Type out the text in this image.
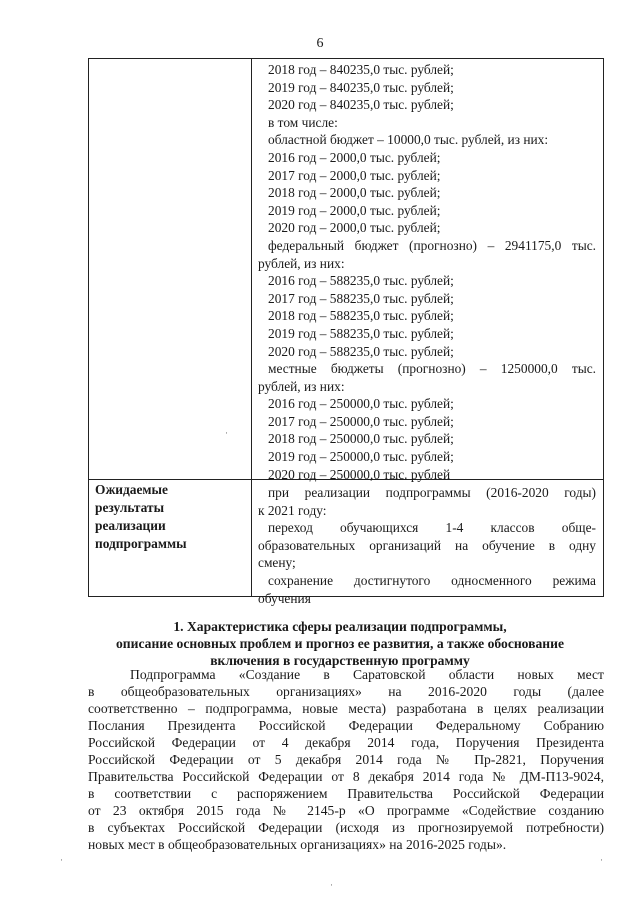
6
2018 год – 840235,0 тыс. рублей;
2019 год – 840235,0 тыс. рублей;
2020 год – 840235,0 тыс. рублей;
в том числе:
областной бюджет – 10000,0 тыс. рублей, из них:
2016 год – 2000,0 тыс. рублей;
2017 год – 2000,0 тыс. рублей;
2018 год – 2000,0 тыс. рублей;
2019 год – 2000,0 тыс. рублей;
2020 год – 2000,0 тыс. рублей;
федеральный бюджет (прогнозно) – 2941175,0 тыс.
рублей, из них:
2016 год – 588235,0 тыс. рублей;
2017 год – 588235,0 тыс. рублей;
2018 год – 588235,0 тыс. рублей;
2019 год – 588235,0 тыс. рублей;
2020 год – 588235,0 тыс. рублей;
местные бюджеты (прогнозно) – 1250000,0 тыс.
рублей, из них:
2016 год – 250000,0 тыс. рублей;
2017 год – 250000,0 тыс. рублей;
2018 год – 250000,0 тыс. рублей;
2019 год – 250000,0 тыс. рублей;
2020 год – 250000,0 тыс. рублей
Ожидаемые
результаты
реализации
подпрограммы
при реализации подпрограммы (2016-2020 годы)
к 2021 году:
переход обучающихся 1-4 классов обще-
образовательных организаций на обучение в одну
смену;
сохранение достигнутого односменного режима
обучения
1. Характеристика сферы реализации подпрограммы,
описание основных проблем и прогноз ее развития, а также обоснование
включения в государственную программу
Подпрограмма «Создание в Саратовской области новых мест
в общеобразовательных организациях» на 2016-2020 годы (далее
соответственно – подпрограмма, новые места) разработана в целях реализации
Послания Президента Российской Федерации Федеральному Собранию
Российской Федерации от 4 декабря 2014 года, Поручения Президента
Российской Федерации от 5 декабря 2014 года № Пр-2821, Поручения
Правительства Российской Федерации от 8 декабря 2014 года № ДМ-П13-9024,
в соответствии с распоряжением Правительства Российской Федерации
от 23 октября 2015 года № 2145-р «О программе «Содействие созданию
в субъектах Российской Федерации (исходя из прогнозируемой потребности)
новых мест в общеобразовательных организациях» на 2016-2025 годы».
·
·
·
·
